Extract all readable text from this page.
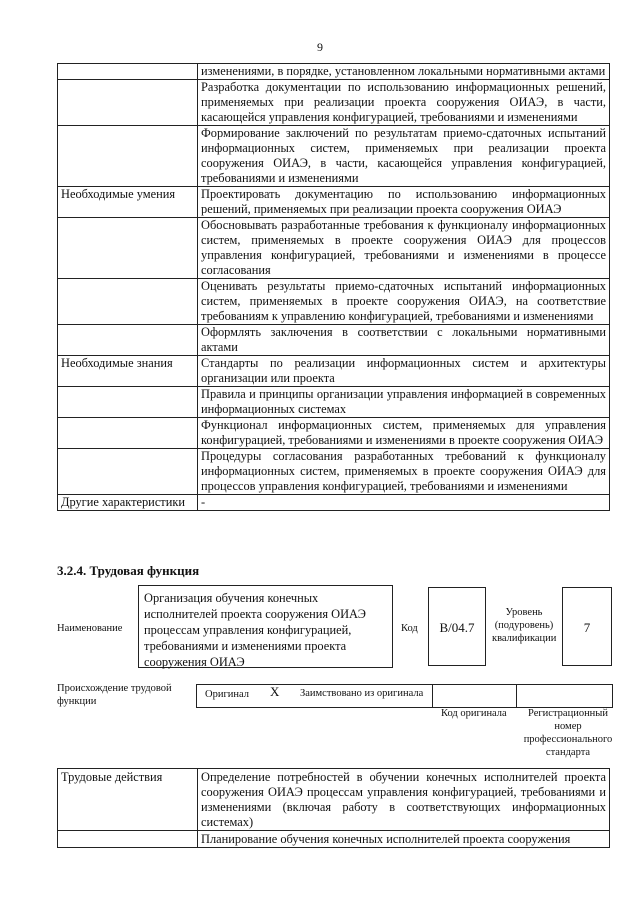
9
	изменениями, в порядке, установленном локальными нормативными актами
	Разработка документации по использованию информационных решений, применяемых при реализации проекта сооружения ОИАЭ, в части, касающейся управления конфигурацией, требованиями и изменениями
	Формирование заключений по результатам приемо-сдаточных испытаний информационных систем, применяемых при реализации проекта сооружения ОИАЭ, в части, касающейся управления конфигурацией, требованиями и изменениями
Необходимые умения	Проектировать документацию по использованию информационных решений, применяемых при реализации проекта сооружения ОИАЭ
	Обосновывать разработанные требования к функционалу информационных систем, применяемых в проекте сооружения ОИАЭ для процессов управления конфигурацией, требованиями и изменениями в процессе согласования
	Оценивать результаты приемо-сдаточных испытаний информационных систем, применяемых в проекте сооружения ОИАЭ, на соответствие требованиям к управлению конфигурацией, требованиями и изменениями
	Оформлять заключения в соответствии с локальными нормативными актами
Необходимые знания	Стандарты по реализации информационных систем и архитектуры организации или проекта
	Правила и принципы организации управления информацией в современных информационных системах
	Функционал информационных систем, применяемых для управления конфигурацией, требованиями и изменениями в проекте сооружения ОИАЭ
	Процедуры согласования разработанных требований к функционалу информационных систем, применяемых в проекте сооружения ОИАЭ для процессов управления конфигурацией, требованиями и изменениями
Другие характеристики	-
3.2.4. Трудовая функция
Наименование
Организация обучения конечных исполнителей проекта сооружения ОИАЭ процессам управления конфигурацией, требованиями и изменениями проекта сооружения ОИАЭ
Код	B/04.7
Уровень (подуровень) квалификации
7
Происхождение трудовой функции
Оригинал X Заимствовано из оригинала
Код оригинала	Регистрационный номер профессионального стандарта
Трудовые действия	Определение потребностей в обучении конечных исполнителей проекта сооружения ОИАЭ процессам управления конфигурацией, требованиями и изменениями (включая работу в соответствующих информационных системах)
	Планирование обучения конечных исполнителей проекта сооружения
